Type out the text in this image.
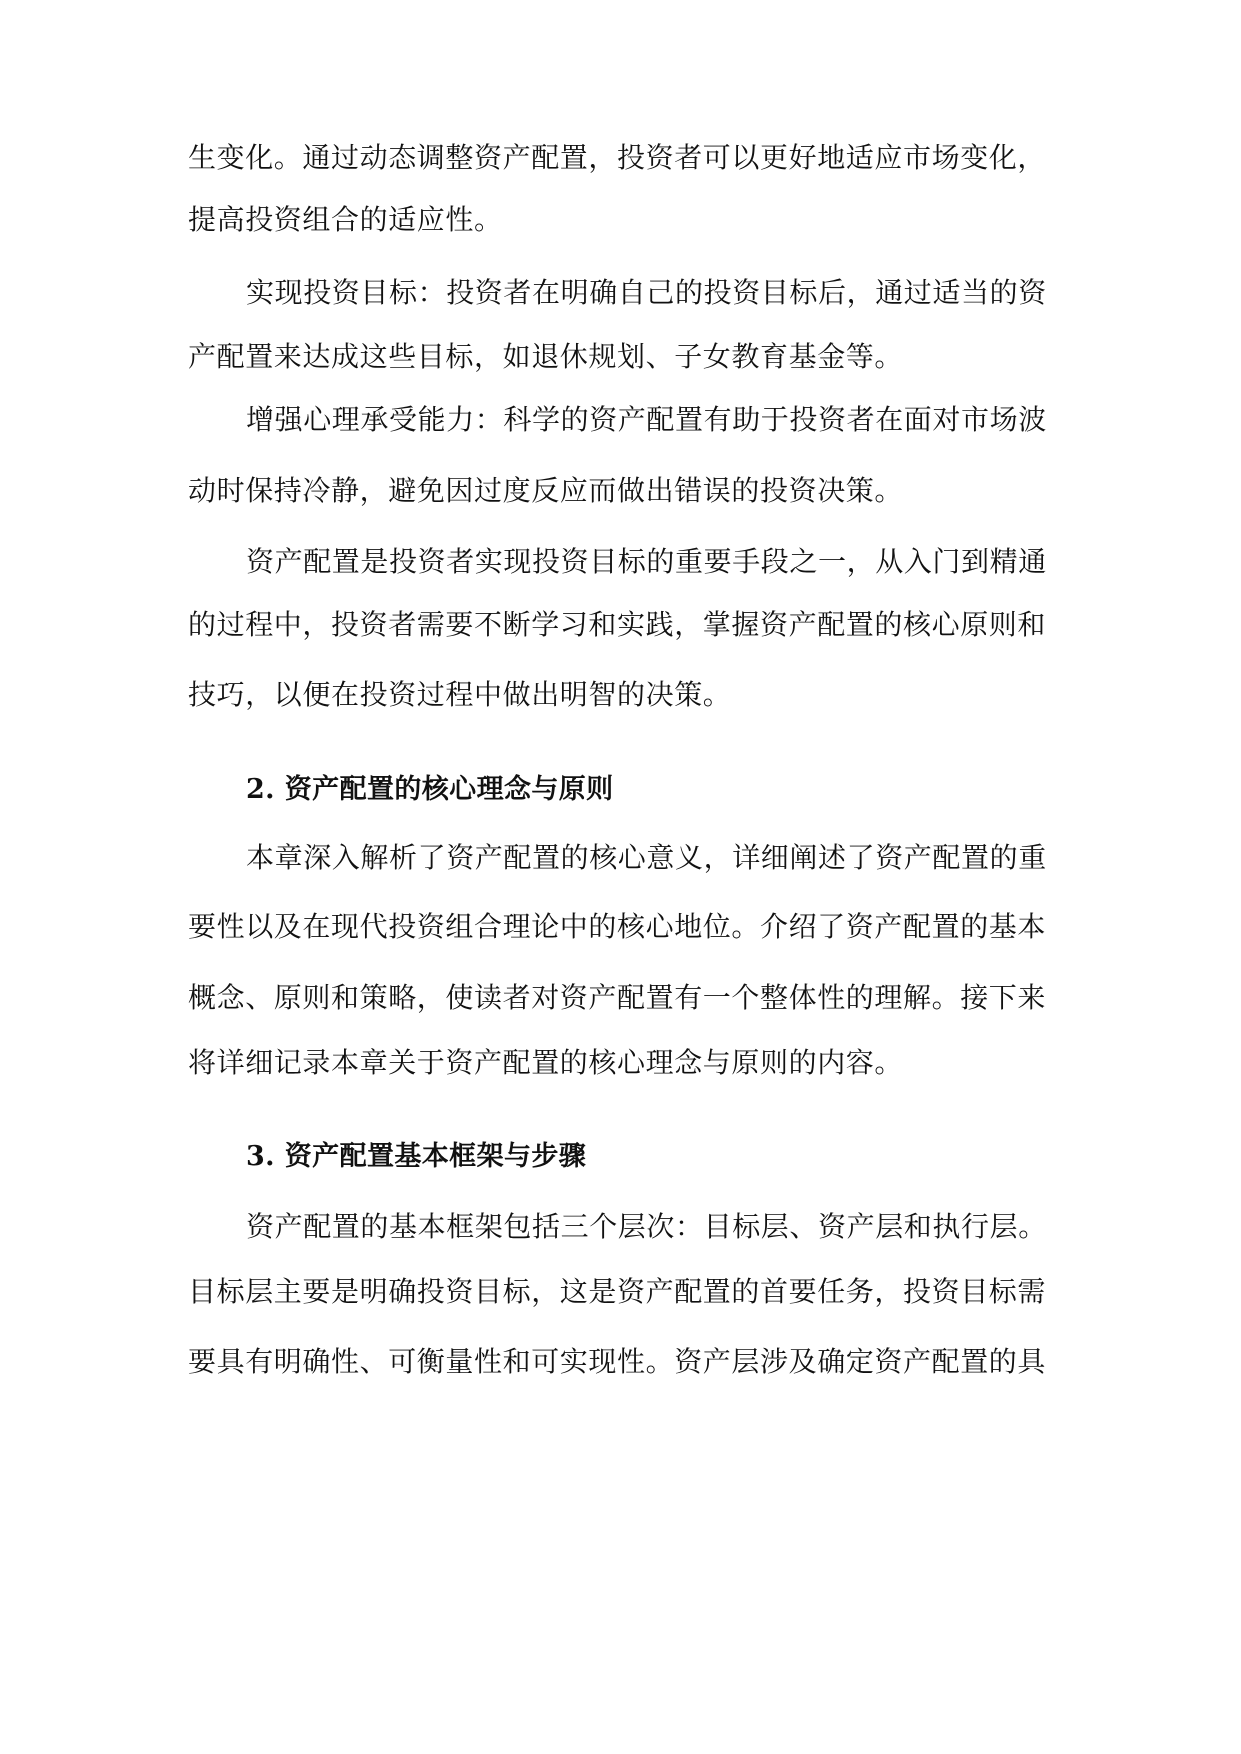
生变化。通过动态调整资产配置，投资者可以更好地适应市场变化，
提高投资组合的适应性。
实现投资目标：投资者在明确自己的投资目标后，通过适当的资
产配置来达成这些目标，如退休规划、子女教育基金等。
增强心理承受能力：科学的资产配置有助于投资者在面对市场波
动时保持冷静，避免因过度反应而做出错误的投资决策。
资产配置是投资者实现投资目标的重要手段之一，从入门到精通
的过程中，投资者需要不断学习和实践，掌握资产配置的核心原则和
技巧，以便在投资过程中做出明智的决策。
2. 资产配置的核心理念与原则
本章深入解析了资产配置的核心意义，详细阐述了资产配置的重
要性以及在现代投资组合理论中的核心地位。介绍了资产配置的基本
概念、原则和策略，使读者对资产配置有一个整体性的理解。接下来
将详细记录本章关于资产配置的核心理念与原则的内容。
3. 资产配置基本框架与步骤
资产配置的基本框架包括三个层次：目标层、资产层和执行层。
目标层主要是明确投资目标，这是资产配置的首要任务，投资目标需
要具有明确性、可衡量性和可实现性。资产层涉及确定资产配置的具
